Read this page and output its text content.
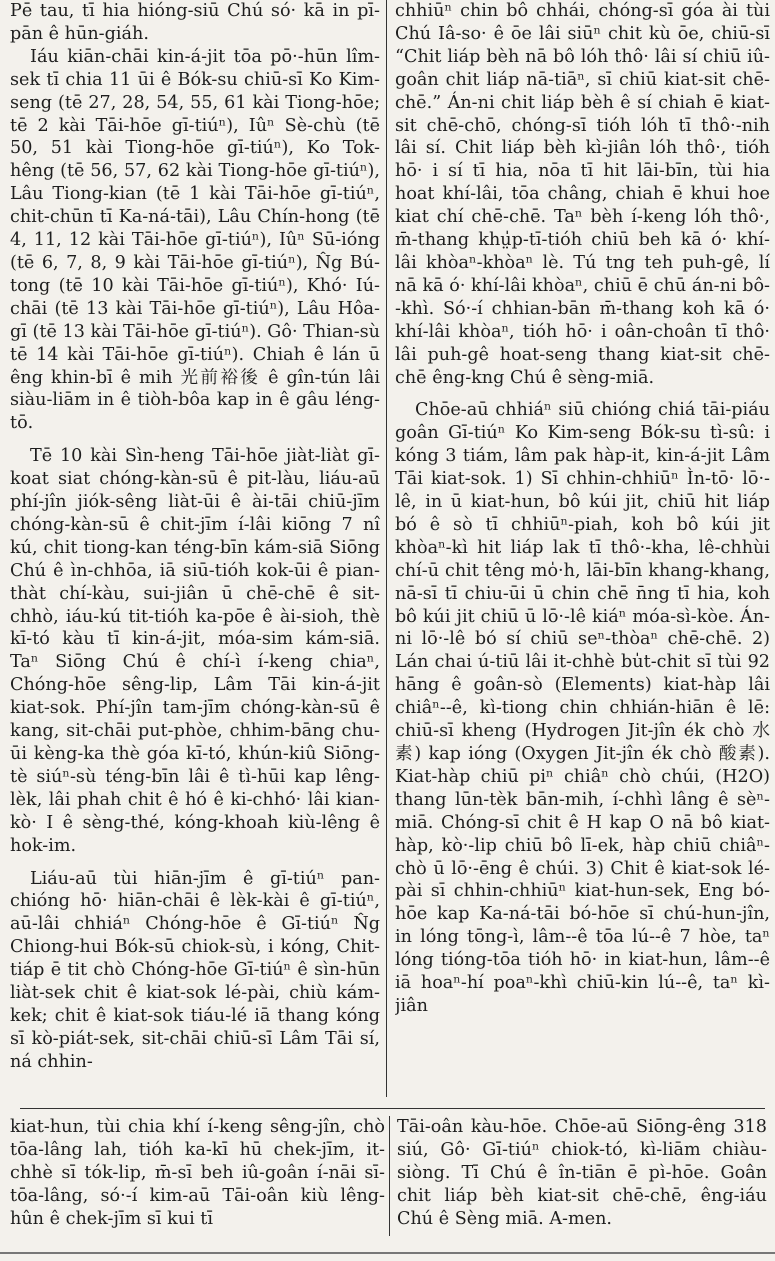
Pē tau, tī hia hióng-siū Chú só· kā in pī-pān ê hūn-giáh.

Iáu kiān-chāi kin-á-jit tōa pō·-hūn lîm-sek tī chia 11 ūi ê Bók-su chiū-sī Ko Kim-seng (tē 27, 28, 54, 55, 61 kài Tiong-hōe; tē 2 kài Tāi-hōe gī-tiúⁿ), Iûⁿ Sè-chù (tē 50, 51 kài Tiong-hōe gī-tiúⁿ), Ko Tok-hêng (tē 56, 57, 62 kài Tiong-hōe gī-tiúⁿ), Lâu Tiong-kian (tē 1 kài Tāi-hōe gī-tiúⁿ, chit-chūn tī Ka-ná-tāi), Lâu Chín-hong (tē 4, 11, 12 kài Tāi-hōe gī-tiúⁿ), Iûⁿ Sū-ióng (tē 6, 7, 8, 9 kài Tāi-hōe gī-tiúⁿ), N̂g Bú-tong (tē 10 kài Tāi-hōe gī-tiúⁿ), Khó· Iú-chāi (tē 13 kài Tāi-hōe gī-tiúⁿ), Lâu Hôa-gī (tē 13 kài Tāi-hōe gī-tiúⁿ). Gô· Thian-sù tē 14 kài Tāi-hōe gī-tiúⁿ). Chiah ê lán ū êng khin-bī ê mih 光前裕後 ê gîn-tún lâi siàu-liām in ê tiòh-bôa kap in ê gâu léng-tō.

Tē 10 kài Sìn-heng Tāi-hōe jiàt-liàt gī-koat siat chóng-kàn-sū ê pit-làu, liáu-aū phí-jîn jiók-sêng liàt-ūi ê ài-tāi chiū-jīm chóng-kàn-sū ê chit-jīm í-lâi kiōng 7 nî kú, chit tiong-kan téng-bīn kám-siā Siōng Chú ê ìn-chhōa, iā siū-tióh kok-ūi ê pian-thàt chí-kàu, sui-jiân ū chē-chē ê sit-chhò, iáu-kú tit-tióh ka-pōe ê ài-sioh, thè kī-tó kàu tī kin-á-jit, móa-sim kám-siā. Taⁿ Siōng Chú ê chí-ì í-keng chiaⁿ, Chóng-hōe sêng-lip, Lâm Tāi kin-á-jit kiat-sok. Phí-jîn tam-jīm chóng-kàn-sū ê kang, sit-chāi put-phòe, chhim-bāng chu-ūi kèng-ka thè góa kī-tó, khún-kiû Siōng-tè siúⁿ-sù téng-bīn lâi ê tì-hūi kap lêng-lèk, lâi phah chit ê hó ê ki-chhó· lâi kian-kò· I ê sèng-thé, kóng-khoah kiù-lêng ê hok-im.

Liáu-aū tùi hiān-jīm ê gī-tiúⁿ pan-chióng hō· hiān-chāi ê lèk-kài ê gī-tiúⁿ, aū-lâi chhiáⁿ Chóng-hōe ê Gī-tiúⁿ N̂g Chiong-hui Bók-sū chiok-sù, i kóng, Chit-tiáp ē tit chò Chóng-hōe Gī-tiúⁿ ê sìn-hūn liàt-sek chit ê kiat-sok lé-pài, chiù kám-kek; chit ê kiat-sok tiáu-lé iā thang kóng sī kò-piát-sek, sit-chāi chiū-sī Lâm Tāi sí, ná chhin-

chhiūⁿ chin bô chhái, chóng-sī góa ài tùi Chú Iâ-so· ê ōe lâi siūⁿ chit kù ōe, chiū-sī “Chit liáp bèh nā bô lóh thô· lâi sí chiū iû-goân chit liáp nā-tiāⁿ, sī chiū kiat-sit chē-chē.” Án-ni chit liáp bèh ê sí chiah ē kiat-sit chē-chō, chóng-sī tióh lóh tī thô·-nih lâi sí. Chit liáp bèh kì-jiân lóh thô·, tióh hō· i sí tī hia, nōa tī hit lāi-bīn, tùi hia hoat khí-lâi, tōa châng, chiah ē khui hoe kiat chí chē-chē. Taⁿ bèh í-keng lóh thô·, m̄-thang khṳ̍p-tī-tióh chiū beh kā ó· khí-lâi khòaⁿ-khòaⁿ lè. Tú tng teh puh-gê, lí nā kā ó· khí-lâi khòaⁿ, chiū ē chū án-ni bô--khì. Só·-í chhian-bān m̄-thang koh kā ó· khí-lâi khòaⁿ, tióh hō· i oân-choân tī thô· lâi puh-gê hoat-seng thang kiat-sit chē-chē êng-kng Chú ê sèng-miā.

Chōe-aū chhiáⁿ siū chióng chiá tāi-piáu goân Gī-tiúⁿ Ko Kim-seng Bók-su tì-sû: i kóng 3 tiám, lâm pak hàp-it, kin-á-jit Lâm Tāi kiat-sok. 1) Sī chhin-chhiūⁿ Ìn-tō· lō·-lê, in ū kiat-hun, bô kúi jit, chiū hit liáp bó ê sò tī chhiūⁿ-piah, koh bô kúi jit khòaⁿ-kì hit liáp lak tī thô·-kha, lê-chhùi chí-ū chit têng mo̍·h, lāi-bīn khang-khang, nā-sī tī chiu-ūi ū chin chē n̄ng tī hia, koh bô kúi jit chiū ū lō·-lê kiáⁿ móa-sì-kòe. Án-ni lō·-lê bó sí chiū seⁿ-thòaⁿ chē-chē. 2) Lán chai ú-tiū lâi it-chhè bu̍t-chit sī tùi 92 hāng ê goân-sò (Elements) kiat-hàp lâi chiâⁿ--ê, kì-tiong chin chhián-hiān ê lē: chiū-sī kheng (Hydrogen Jit-jîn ék chò 水素) kap ióng (Oxygen Jit-jîn ék chò 酸素). Kiat-hàp chiū piⁿ chiâⁿ chò chúi, (H2O) thang lūn-tèk bān-mih, í-chhì lâng ê sèⁿ-miā. Chóng-sī chit ê H kap O nā bô kiat-hàp, kò·-lip chiū bô lī-ek, hàp chiū chiâⁿ-chò ū lō·-ēng ê chúi. 3) Chit ê kiat-sok lé-pài sī chhin-chhiūⁿ kiat-hun-sek, Eng bó-hōe kap Ka-ná-tāi bó-hōe sī chú-hun-jîn, in lóng tōng-ì, lâm--ê tōa lú--ê 7 hòe, taⁿ lóng tióng-tōa tióh hō· in kiat-hun, lâm--ê iā hoaⁿ-hí poaⁿ-khì chiū-kin lú--ê, taⁿ kì-jiân

kiat-hun, tùi chia khí í-keng sêng-jîn, chò tōa-lâng lah, tióh ka-kī hū chek-jīm, it-chhè sī tók-lip, m̄-sī beh iû-goân í-nāi sī-tōa-lâng, só·-í kim-aū Tāi-oân kiù lêng-hûn ê chek-jīm sī kui tī

Tāi-oân kàu-hōe. Chōe-aū Siōng-êng 318 siú, Gô· Gī-tiúⁿ chiok-tó, kì-liām chiàu-siòng. Tī Chú ê în-tiān ē pì-hōe. Goân chit liáp bèh kiat-sit chē-chē, êng-iáu Chú ê Sèng miā. A-men.
